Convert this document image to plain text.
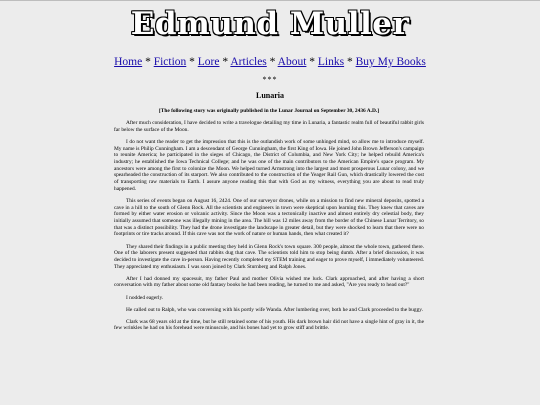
Edmund Muller
Home * Fiction * Lore * Articles * About * Links * Buy My Books
***
Lunaria

[The following story was originally published in the Lunar Journal on September 30, 2436 A.D.]

After much consideration, I have decided to write a travelogue detailing my time in Lunaria, a fantastic realm full of beautiful rabbit girls far below the surface of the Moon.

I do not want the reader to get the impression that this is the outlandish work of some unhinged mind, so allow me to introduce myself. My name is Philip Cunningham. I am a descendant of George Cunningham, the first King of Iowa. He joined John Brown Jefferson's campaign to reunite America; he participated in the sieges of Chicago, the District of Columbia, and New York City; he helped rebuild America's industry; he established the Iowa Technical College; and he was one of the main contributors to the American Empire's space program. My ancestors were among the first to colonize the Moon. We helped turned Armstrong into the largest and most prosperous Lunar colony, and we spearheaded the construction of its starport. We also contributed to the construction of the Yeager Rail Gun, which drastically lowered the cost of transporting raw materials to Earth. I assure anyone reading this that with God as my witness, everything you are about to read truly happened.

This series of events began on August 16, 2424. One of our surveyor drones, while on a mission to find new mineral deposits, spotted a cave in a hill to the south of Glenn Rock. All the scientists and engineers in town were skeptical upon learning this. They knew that caves are formed by either water erosion or volcanic activity. Since the Moon was a tectonically inactive and almost entirely dry celestial body, they initially assumed that someone was illegally mining in the area. The hill was 12 miles away from the border of the Chinese Lunar Territory, so that was a distinct possibility. They had the drone investigate the landscape in greater detail, but they were shocked to learn that there were no footprints or tire tracks around. If this cave was not the work of nature or human hands, then what created it?

They shared their findings in a public meeting they held in Glenn Rock's town square. 300 people, almost the whole town, gathered there. One of the laborers present suggested that rabbits dug that cave. The scientists told him to stop being dumb. After a brief discussion, it was decided to investigate the cave in-person. Having recently completed my STEM training and eager to prove myself, I immediately volunteered. They appreciated my enthusiasm. I was soon joined by Clark Sturnberg and Ralph Jones.

After I had donned my spacesuit, my father Paul and mother Olivia wished me luck. Clark approached, and after having a short conversation with my father about some old fantasy books he had been reading, he turned to me and asked, "Are you ready to head out?"

I nodded eagerly.

He called out to Ralph, who was conversing with his portly wife Wanda. After lumbering over, both he and Clark proceeded to the buggy.

Clark was 68 years old at the time, but he still retained some of his youth. His dark brown hair did not have a single hint of gray in it, the few wrinkles he had on his forehead were minuscule, and his bones had yet to grow stiff and brittle.
